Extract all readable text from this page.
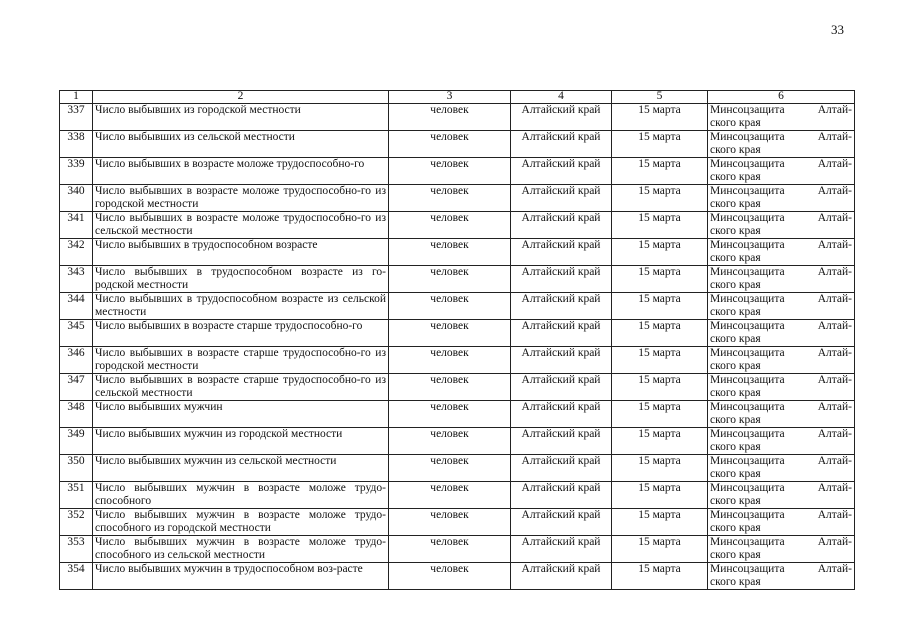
33
1	2	3	4	5	6
337	Число выбывших из городской местности	человек	Алтайский край	15 марта	Минсоцзащита Алтай-
ского края

338	Число выбывших из сельской местности	человек	Алтайский край	15 марта	Минсоцзащита Алтай-
ского края

339	Число выбывших в возрасте моложе трудоспособно-го	человек	Алтайский край	15 марта	Минсоцзащита Алтай-
ского края

340	Число выбывших в возрасте моложе трудоспособно-го из городской местности	человек	Алтайский край	15 марта	Минсоцзащита Алтай-
ского края

341	Число выбывших в возрасте моложе трудоспособно-го из сельской местности	человек	Алтайский край	15 марта	Минсоцзащита Алтай-
ского края

342	Число выбывших в трудоспособном возрасте	человек	Алтайский край	15 марта	Минсоцзащита Алтай-
ского края

343	Число выбывших в трудоспособном возрасте из го-родской местности	человек	Алтайский край	15 марта	Минсоцзащита Алтай-
ского края

344	Число выбывших в трудоспособном возрасте из сельской местности	человек	Алтайский край	15 марта	Минсоцзащита Алтай-
ского края

345	Число выбывших в возрасте старше трудоспособно-го	человек	Алтайский край	15 марта	Минсоцзащита Алтай-
ского края

346	Число выбывших в возрасте старше трудоспособно-го из городской местности	человек	Алтайский край	15 марта	Минсоцзащита Алтай-
ского края

347	Число выбывших в возрасте старше трудоспособно-го из сельской местности	человек	Алтайский край	15 марта	Минсоцзащита Алтай-
ского края

348	Число выбывших мужчин	человек	Алтайский край	15 марта	Минсоцзащита Алтай-
ского края

349	Число выбывших мужчин из городской местности	человек	Алтайский край	15 марта	Минсоцзащита Алтай-
ского края

350	Число выбывших мужчин из сельской местности	человек	Алтайский край	15 марта	Минсоцзащита Алтай-
ского края

351	Число выбывших мужчин в возрасте моложе трудо-способного	человек	Алтайский край	15 марта	Минсоцзащита Алтай-
ского края

352	Число выбывших мужчин в возрасте моложе трудо-способного из городской местности	человек	Алтайский край	15 марта	Минсоцзащита Алтай-
ского края

353	Число выбывших мужчин в возрасте моложе трудо-способного из сельской местности	человек	Алтайский край	15 марта	Минсоцзащита Алтай-
ского края

354	Число выбывших мужчин в трудоспособном воз-расте	человек	Алтайский край	15 марта	Минсоцзащита Алтай-
ского края
